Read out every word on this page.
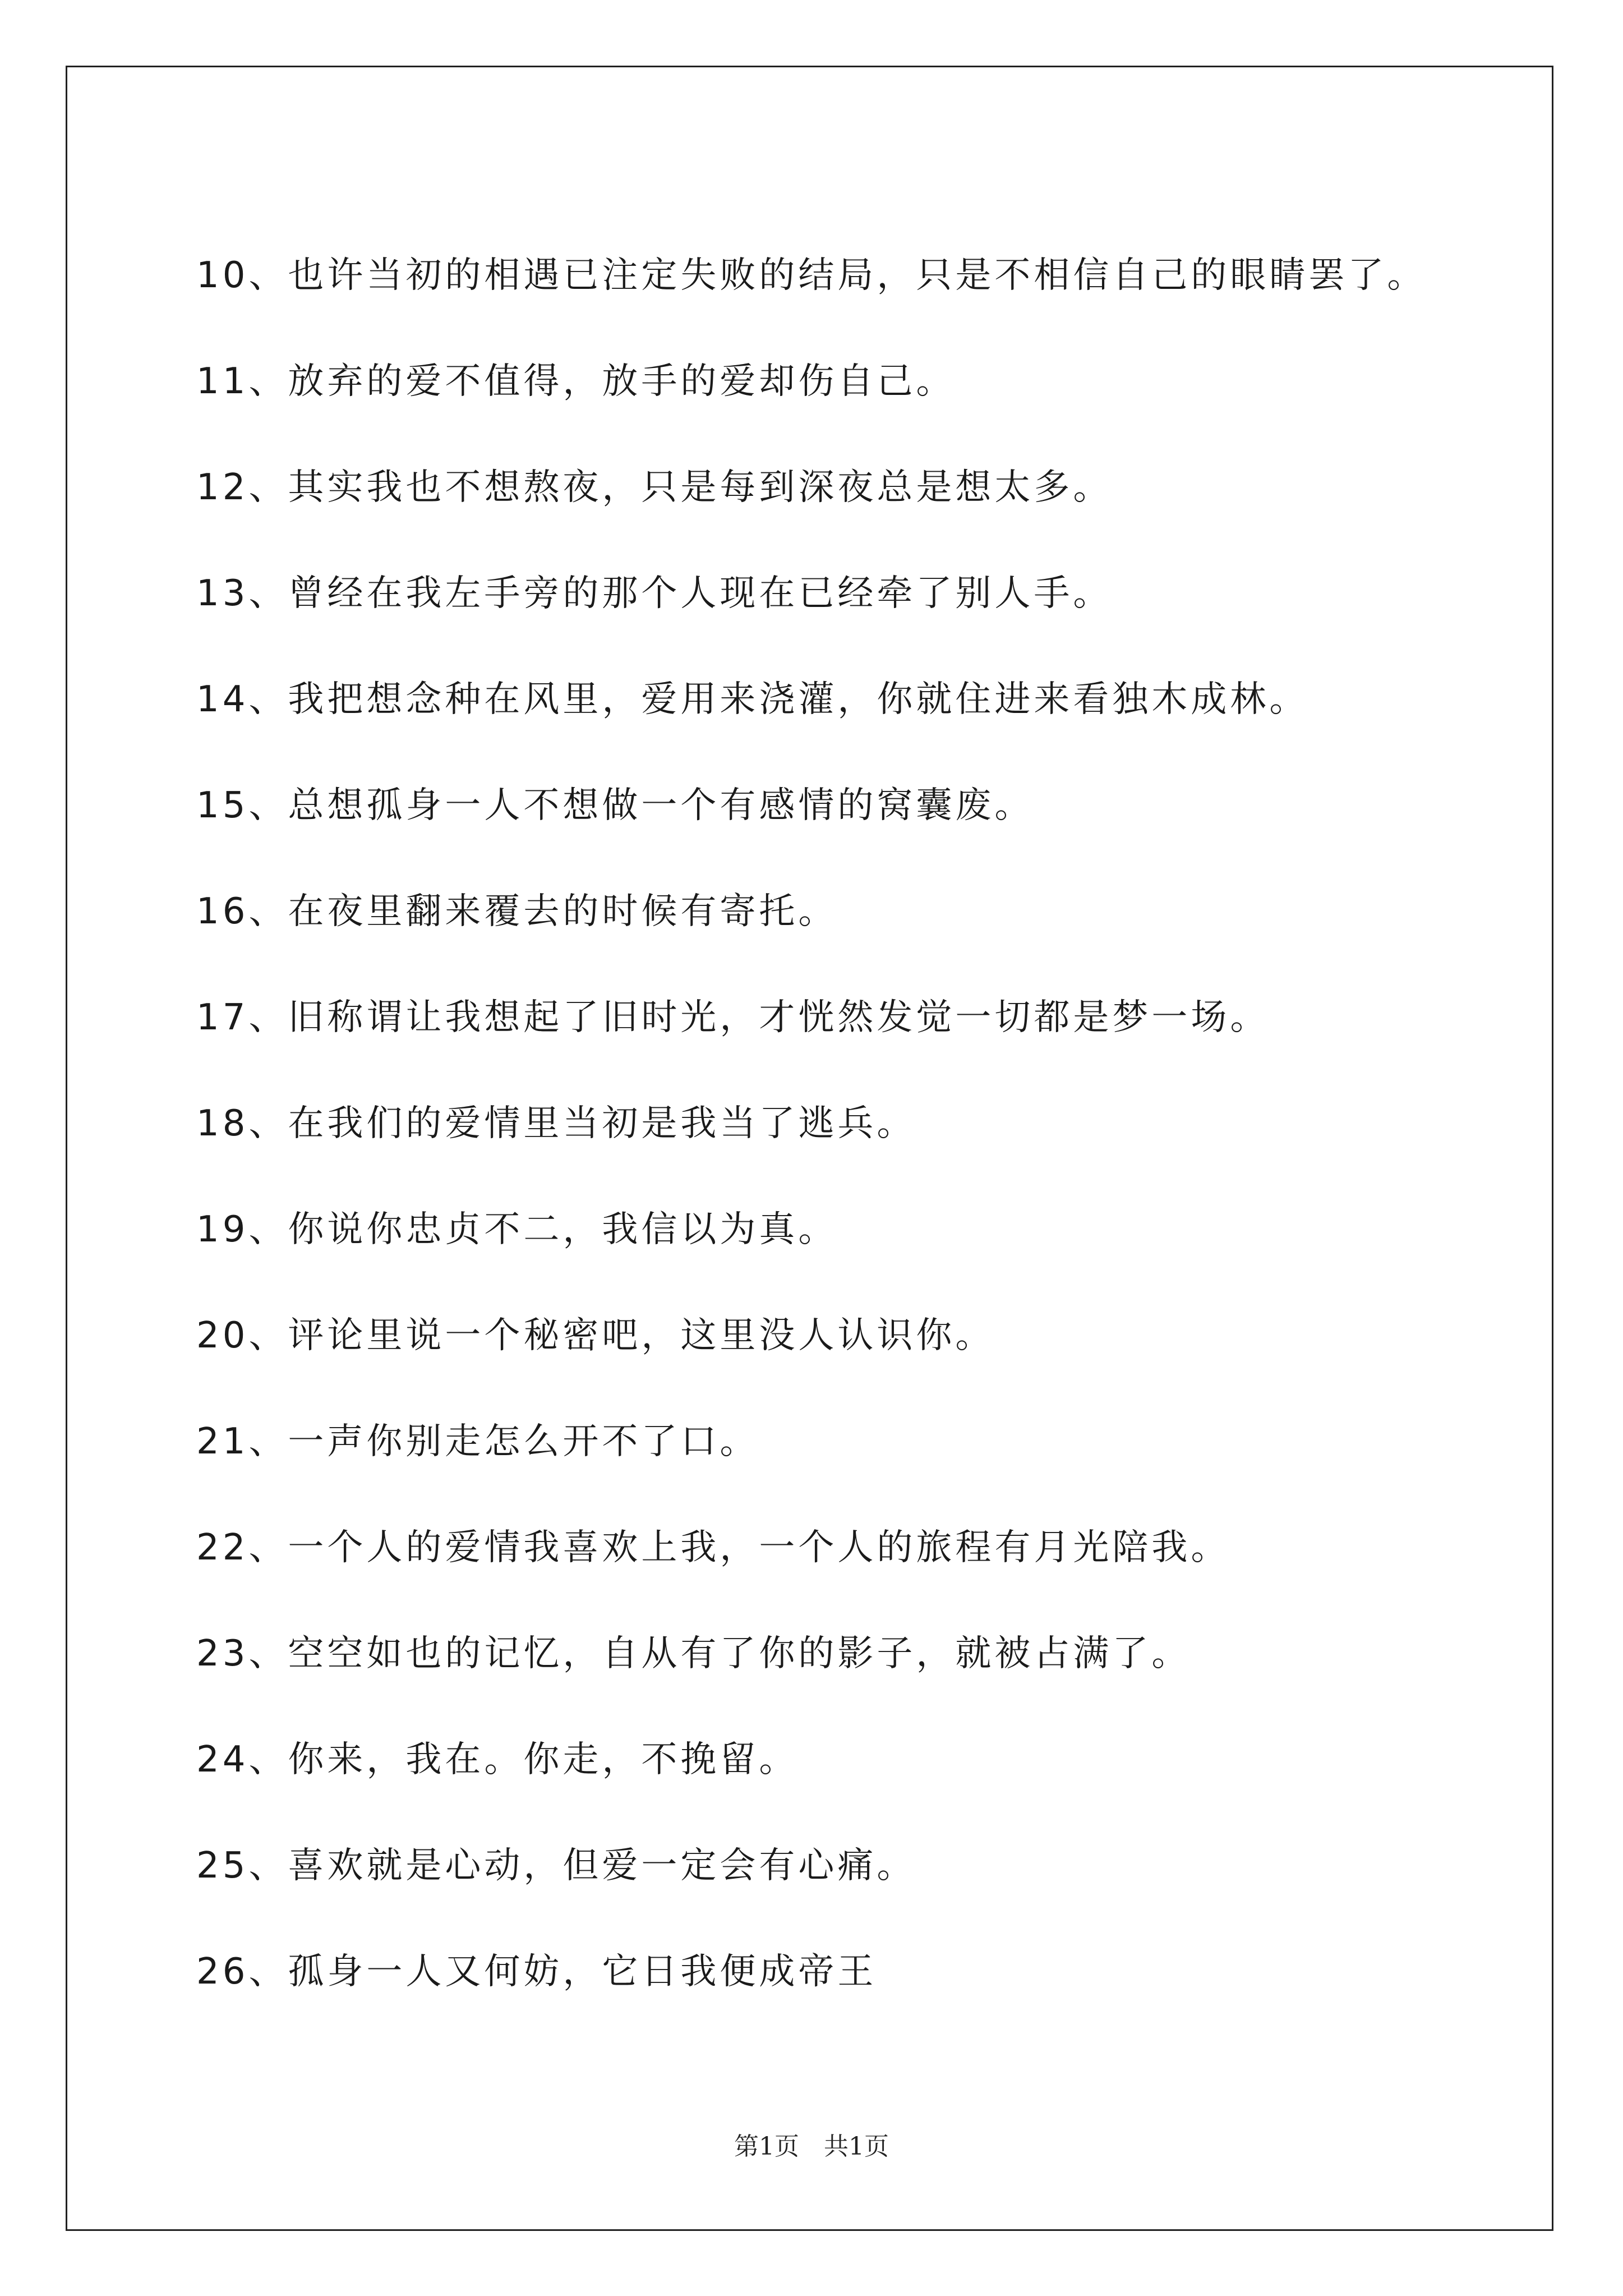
10、也许当初的相遇已注定失败的结局，只是不相信自己的眼睛罢了。
11、放弃的爱不值得，放手的爱却伤自己。
12、其实我也不想熬夜，只是每到深夜总是想太多。
13、曾经在我左手旁的那个人现在已经牵了别人手。
14、我把想念种在风里，爱用来浇灌，你就住进来看独木成林。
15、总想孤身一人不想做一个有感情的窝囊废。
16、在夜里翻来覆去的时候有寄托。
17、旧称谓让我想起了旧时光，才恍然发觉一切都是梦一场。
18、在我们的爱情里当初是我当了逃兵。
19、你说你忠贞不二，我信以为真。
20、评论里说一个秘密吧，这里没人认识你。
21、一声你别走怎么开不了口。
22、一个人的爱情我喜欢上我，一个人的旅程有月光陪我。
23、空空如也的记忆，自从有了你的影子，就被占满了。
24、你来，我在。你走，不挽留。
25、喜欢就是心动，但爱一定会有心痛。
26、孤身一人又何妨，它日我便成帝王
第1页 共1页
